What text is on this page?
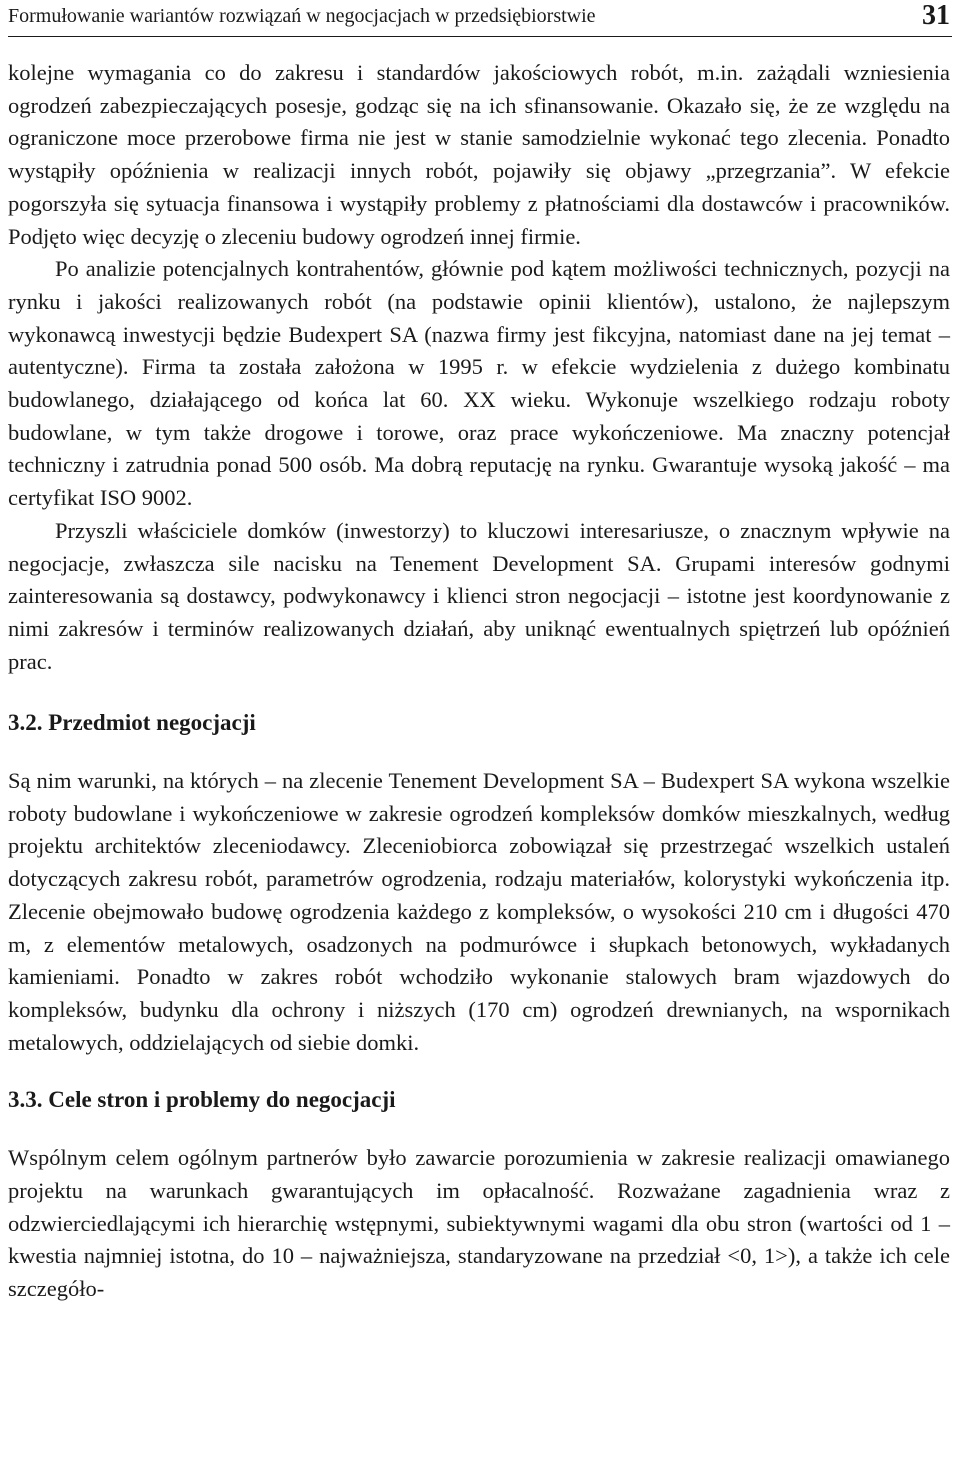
Formułowanie wariantów rozwiązań w negocjacjach w przedsiębiorstwie	31

kolejne wymagania co do zakresu i standardów jakościowych robót, m.in. zażądali wzniesienia ogrodzeń zabezpieczających posesje, godząc się na ich sfinansowanie. Okazało się, że ze względu na ograniczone moce przerobowe firma nie jest w stanie samodzielnie wykonać tego zlecenia. Ponadto wystąpiły opóźnienia w realizacji innych robót, pojawiły się objawy „przegrzania”. W efekcie pogorszyła się sytuacja finansowa i wystąpiły problemy z płatnościami dla dostawców i pracowników. Podjęto więc decyzję o zleceniu budowy ogrodzeń innej firmie.

Po analizie potencjalnych kontrahentów, głównie pod kątem możliwości technicznych, pozycji na rynku i jakości realizowanych robót (na podstawie opinii klientów), ustalono, że najlepszym wykonawcą inwestycji będzie Budexpert SA (nazwa firmy jest fikcyjna, natomiast dane na jej temat – autentyczne). Firma ta została założona w 1995 r. w efekcie wydzielenia z dużego kombinatu budowlanego, działającego od końca lat 60. XX wieku. Wykonuje wszelkiego rodzaju roboty budowlane, w tym także drogowe i torowe, oraz prace wykończeniowe. Ma znaczny potencjał techniczny i zatrudnia ponad 500 osób. Ma dobrą reputację na rynku. Gwarantuje wysoką jakość – ma certyfikat ISO 9002.

Przyszli właściciele domków (inwestorzy) to kluczowi interesariusze, o znacznym wpływie na negocjacje, zwłaszcza sile nacisku na Tenement Development SA. Grupami interesów godnymi zainteresowania są dostawcy, podwykonawcy i klienci stron negocjacji – istotne jest koordynowanie z nimi zakresów i terminów realizowanych działań, aby uniknąć ewentualnych spiętrzeń lub opóźnień prac.

3.2. Przedmiot negocjacji

Są nim warunki, na których – na zlecenie Tenement Development SA – Budexpert SA wykona wszelkie roboty budowlane i wykończeniowe w zakresie ogrodzeń kompleksów domków mieszkalnych, według projektu architektów zleceniodawcy. Zleceniobiorca zobowiązał się przestrzegać wszelkich ustaleń dotyczących zakresu robót, parametrów ogrodzenia, rodzaju materiałów, kolorystyki wykończenia itp. Zlecenie obejmowało budowę ogrodzenia każdego z kompleksów, o wysokości 210 cm i długości 470 m, z elementów metalowych, osadzonych na podmurówce i słupkach betonowych, wykładanych kamieniami. Ponadto w zakres robót wchodziło wykonanie stalowych bram wjazdowych do kompleksów, budynku dla ochrony i niższych (170 cm) ogrodzeń drewnianych, na wspornikach metalowych, oddzielających od siebie domki.

3.3. Cele stron i problemy do negocjacji

Wspólnym celem ogólnym partnerów było zawarcie porozumienia w zakresie realizacji omawianego projektu na warunkach gwarantujących im opłacalność. Rozważane zagadnienia wraz z odzwierciedlającymi ich hierarchię wstępnymi, subiektywnymi wagami dla obu stron (wartości od 1 – kwestia najmniej istotna, do 10 – najważniejsza, standaryzowane na przedział <0, 1>), a także ich cele szczegóło-
